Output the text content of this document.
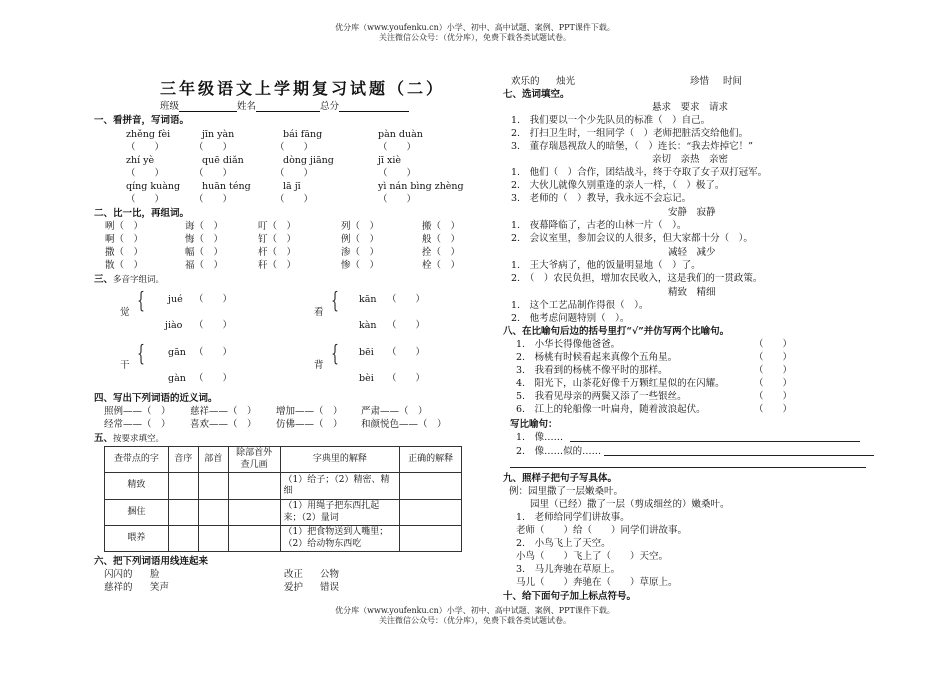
优分库（www.youfenku.cn）小学、初中、高中试题、案例、PPT课件下载。
关注微信公众号：（优分库），免费下载各类试题试卷。
优分库（www.youfenku.cn）小学、初中、高中试题、案例、PPT课件下载。
关注微信公众号：（优分库），免费下载各类试题试卷。
三年级语文上学期复习试题（二）
班级	姓名	总分
一、看拼音，写词语。
zhěng fèi	jīn yàn	bái fāng	pàn duàn
（　　）	（　　）	（　　）	（　　）
zhí yè	quē diǎn	dòng jiāng	jī xiè
（　　）	（　　）	（　　）	（　　）
qíng kuàng huān téng	lā jī	yì nán bìng zhèng
（　　）	（　　）	（　　）	（　　）
二、比一比，再组词。
咧（　）	诲（　）	叮（　）	列（　）	搬（　）
啊（　）	悔（　）	钉（　）	例（　）	般（　）
撒（　）	幅（　）	杆（　）	渗（　）	拴（　）
散（　）	福（　）	秆（　）	惨（　）	栓（　）
三、多音字组词。
觉 { jué （　　）
jiào （　　）
看 { kān （　　）
kàn （　　）
干 { gān （　　）
gàn （　　）
背 { bēi （　　）
bèi （　　）
四、写出下列词语的近义词。
照例——（　） 慈祥——（　） 增加——（　） 严肃——（　）
经常——（　） 喜欢——（　） 仿佛——（　） 和颜悦色——（　）
五、按要求填空。
查带点的字	音序	部首	除部首外查几画	字典里的解释	正确的解释
精致				（1）给子；（2）精密、精细	
捆住				（1）用绳子把东西扎起来；（2）量词	
喂养				（1）把食物送到人嘴里；（2）给动物东西吃	
六、把下列词语用线连起来
闪闪的 脸
慈祥的 笑声
改正 公物
爱护 错误
欢乐的 烛光	珍惜 时间
七、选词填空。
悬求　要求　请求
1.　我们要以一个少先队员的标准（　）自己。
2.　打扫卫生时，一组同学（　）老师把脏活交给他们。
3.　董存瑞恳视敌人的暗堡，（　）连长：“我去炸掉它！”
亲切　亲热　亲密
1.　他们（　）合作，团结战斗，终于夺取了女子双打冠军。
2.　大伙儿就像久别重逢的亲人一样，（　）极了。
3.　老师的（　）教导，我永远不会忘记。
安静　寂静
1.　夜幕降临了，古老的山林一片（　）。
2.　会议室里，参加会议的人很多，但大家都十分（　）。
减轻　减少
1.　王大爷病了，他的饭量明显地（　）了。
2.　（　）农民负担，增加农民收入，这是我们的一贯政策。
精致　精细
1.　这个工艺品制作得很（　）。
2.　他考虑问题特别（　）。
八、在比喻句后边的括号里打“√”并仿写两个比喻句。
1.　小华长得像他爸爸。	（　　）
2.　杨桃有时候看起来真像个五角星。	（　　）
3.　我看到的杨桃不像平时的那样。	（　　）
4.　阳光下，山茶花好像千万颗红星似的在闪耀。	（　　）
5.　我看见母亲的两鬓又添了一些银丝。	（　　）
6.　江上的轮船像一叶扁舟，随着波浪起伏。	（　　）
写比喻句：
1.　像……
2.　像……似的……
九、照样子把句子写具体。
例：园里撒了一层嫩桑叶。
园里（已经）撒了一层（剪成细丝的）嫩桑叶。
1.　老师给同学们讲故事。
老师（　　）给（　　）同学们讲故事。
2.　小鸟飞上了天空。
小鸟（　　）飞上了（　　）天空。
3.　马儿奔驰在草原上。
马儿（　　）奔驰在（　　）草原上。
十、给下面句子加上标点符号。
